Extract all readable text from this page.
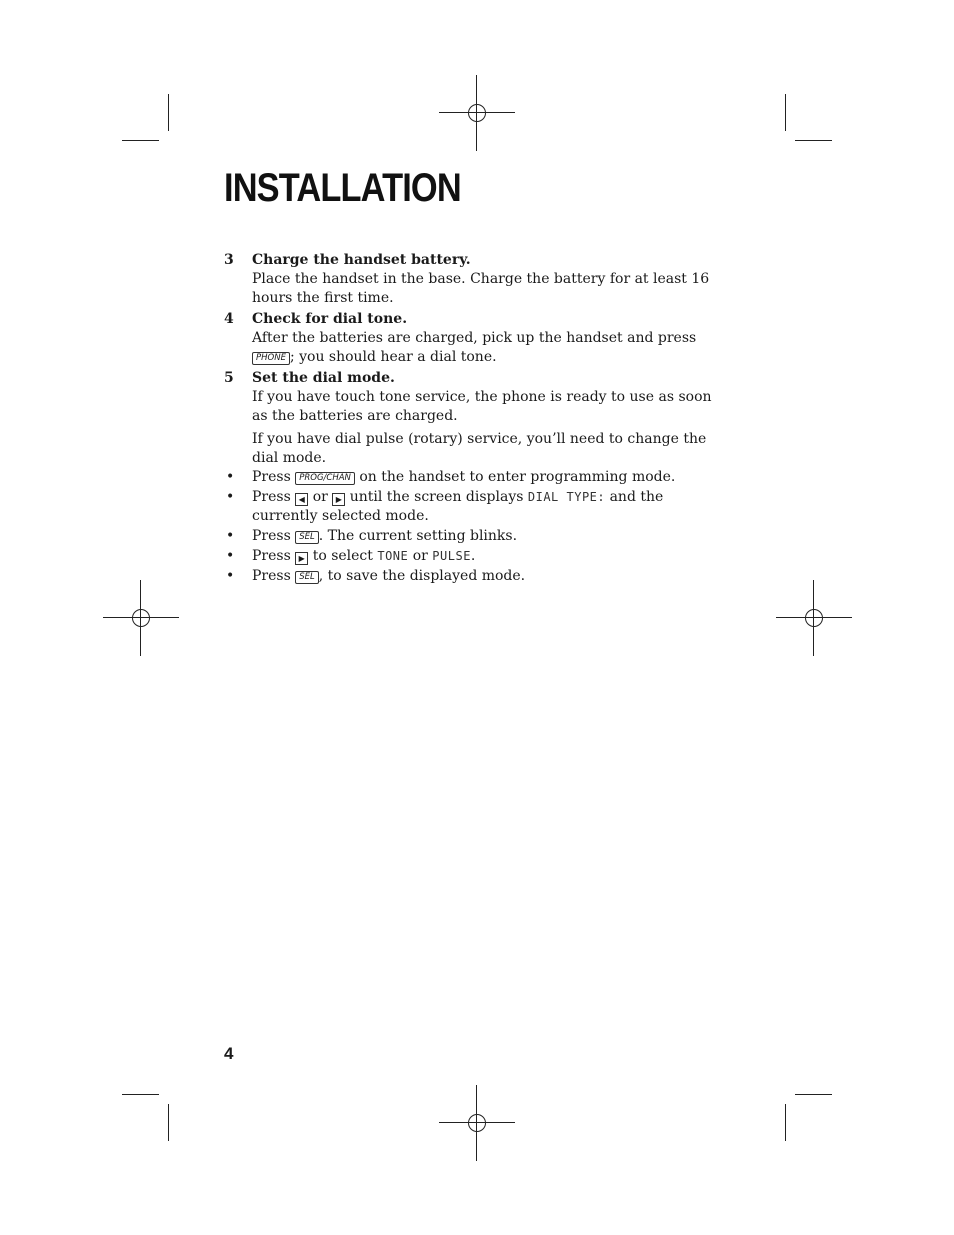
INSTALLATION
3 Charge the handset battery.

Place the handset in the base. Charge the battery for at least 16 hours the first time.

4 Check for dial tone.

After the batteries are charged, pick up the handset and press PHONE ; you should hear a dial tone.

5 Set the dial mode.

If you have touch tone service, the phone is ready to use as soon as the batteries are charged.

If you have dial pulse (rotary) service, you’ll need to change the dial mode.

• Press PROG/CHAN on the handset to enter programming mode.
• Press ◀ or ▶ until the screen displays DIAL TYPE: and the currently selected mode.
• Press SEL . The current setting blinks.
• Press ▶ to select TONE or PULSE.
• Press SEL , to save the displayed mode.
4
